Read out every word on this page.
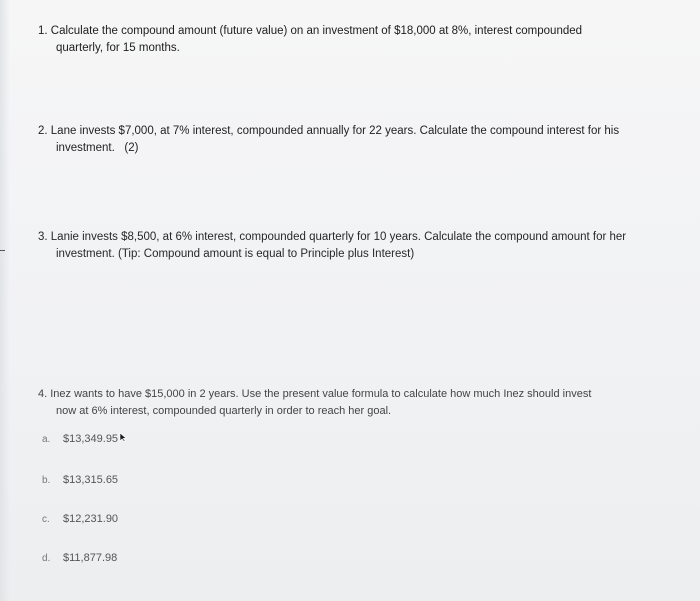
1. Calculate the compound amount (future value) on an investment of $18,000 at 8%, interest compounded
quarterly, for 15 months.
2. Lane invests $7,000, at 7% interest, compounded annually for 22 years. Calculate the compound interest for his
investment.   (2)
3. Lanie invests $8,500, at 6% interest, compounded quarterly for 10 years. Calculate the compound amount for her
investment. (Tip: Compound amount is equal to Principle plus Interest)
4. Inez wants to have $15,000 in 2 years. Use the present value formula to calculate how much Inez should invest
now at 6% interest, compounded quarterly in order to reach her goal.
a. $13,349.95
b. $13,315.65
c. $12,231.90
d. $11,877.98
